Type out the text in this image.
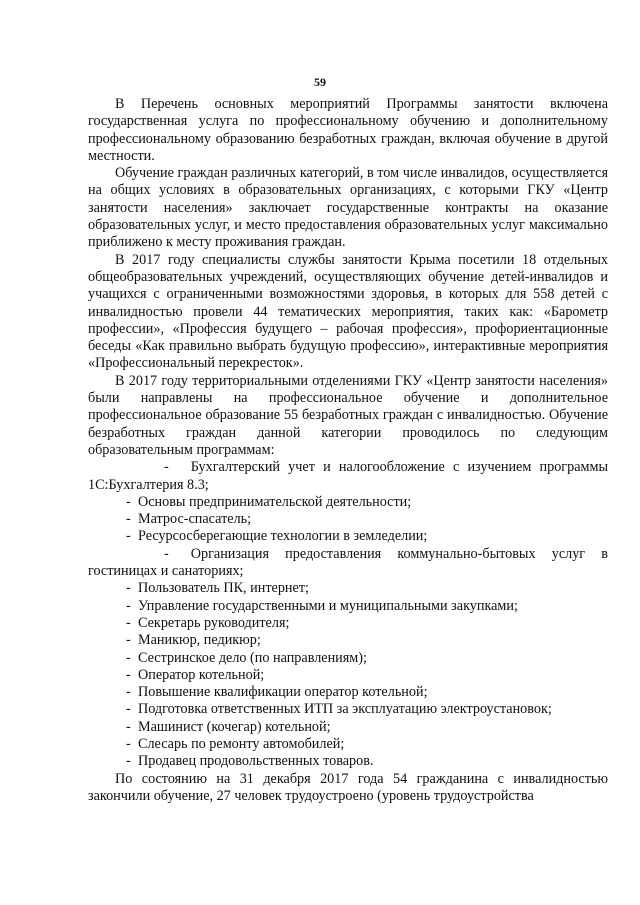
59

В Перечень основных мероприятий Программы занятости включена государственная услуга по профессиональному обучению и дополнительному профессиональному образованию безработных граждан, включая обучение в другой местности.

Обучение граждан различных категорий, в том числе инвалидов, осуществляется на общих условиях в образовательных организациях, с которыми ГКУ «Центр занятости населения» заключает государственные контракты на оказание образовательных услуг, и место предоставления образовательных услуг максимально приближено к месту проживания граждан.

В 2017 году специалисты службы занятости Крыма посетили 18 отдельных общеобразовательных учреждений, осуществляющих обучение детей-инвалидов и учащихся с ограниченными возможностями здоровья, в которых для 558 детей с инвалидностью провели 44 тематических мероприятия, таких как: «Барометр профессии», «Профессия будущего – рабочая профессия», профориентационные беседы «Как правильно выбрать будущую профессию», интерактивные мероприятия «Профессиональный перекресток».

В 2017 году территориальными отделениями ГКУ «Центр занятости населения» были направлены на профессиональное обучение и дополнительное профессиональное образование 55 безработных граждан с инвалидностью. Обучение безработных граждан данной категории проводилось по следующим образовательным программам:

- Бухгалтерский учет и налогообложение с изучением программы 1С:Бухгалтерия 8.3;

- Основы предпринимательской деятельности;

- Матрос-спасатель;

- Ресурсосберегающие технологии в земледелии;

- Организация предоставления коммунально-бытовых услуг в гостиницах и санаториях;

- Пользователь ПК, интернет;

- Управление государственными и муниципальными закупками;

- Секретарь руководителя;

- Маникюр, педикюр;

- Сестринское дело (по направлениям);

- Оператор котельной;

- Повышение квалификации оператор котельной;

- Подготовка ответственных ИТП за эксплуатацию электроустановок;

- Машинист (кочегар) котельной;

- Слесарь по ремонту автомобилей;

- Продавец продовольственных товаров.

По состоянию на 31 декабря 2017 года 54 гражданина с инвалидностью закончили обучение, 27 человек трудоустроено (уровень трудоустройства
